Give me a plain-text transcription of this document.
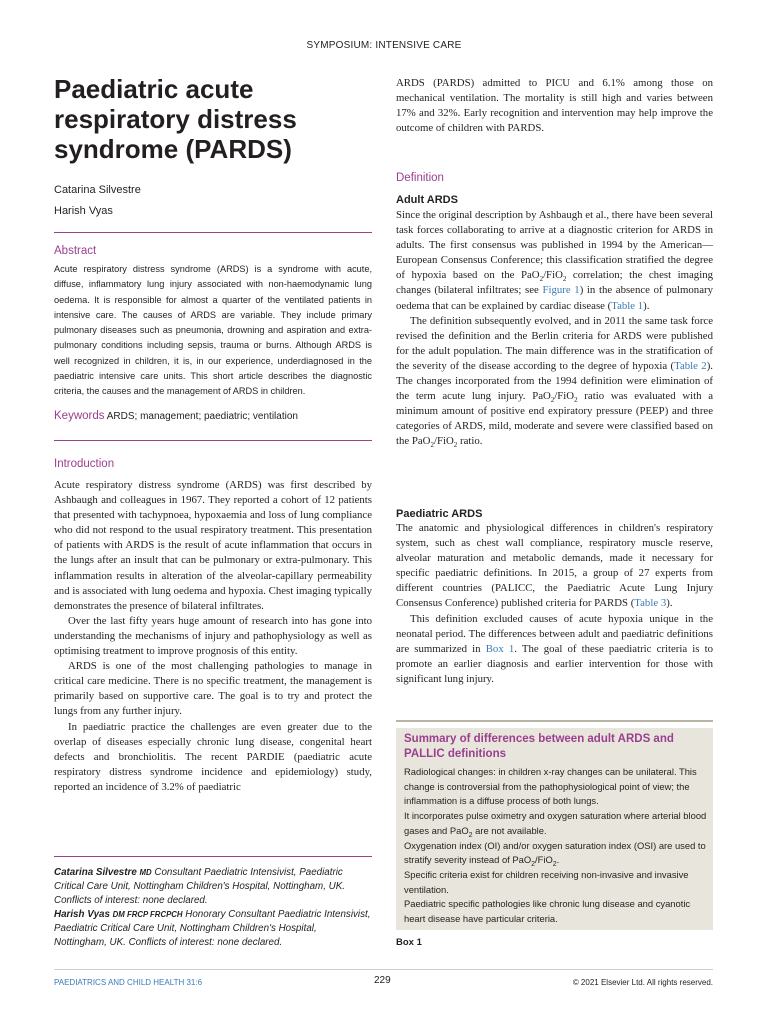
SYMPOSIUM: INTENSIVE CARE
Paediatric acute respiratory distress syndrome (PARDS)
Catarina Silvestre
Harish Vyas
Abstract
Acute respiratory distress syndrome (ARDS) is a syndrome with acute, diffuse, inflammatory lung injury associated with non-haemodynamic lung oedema. It is responsible for almost a quarter of the ventilated patients in intensive care. The causes of ARDS are variable. They include primary pulmonary diseases such as pneumonia, drowning and aspiration and extra-pulmonary conditions including sepsis, trauma or burns. Although ARDS is well recognized in children, it is, in our experience, underdiagnosed in the paediatric intensive care units. This short article describes the diagnostic criteria, the causes and the management of ARDS in children.
Keywords ARDS; management; paediatric; ventilation
Introduction

Acute respiratory distress syndrome (ARDS) was first described by Ashbaugh and colleagues in 1967. They reported a cohort of 12 patients that presented with tachypnoea, hypoxaemia and loss of lung compliance who did not respond to the usual respiratory treatment. This presentation of patients with ARDS is the result of acute inflammation that occurs in the lungs after an insult that can be pulmonary or extra-pulmonary. This inflammation results in alteration of the alveolar-capillary permeability and is associated with lung oedema and hypoxia. Chest imaging typically demonstrates the presence of bilateral infiltrates.

Over the last fifty years huge amount of research into has gone into understanding the mechanisms of injury and pathophysiology as well as optimising treatment to improve prognosis of this entity.

ARDS is one of the most challenging pathologies to manage in critical care medicine. There is no specific treatment, the management is primarily based on supportive care. The goal is to try and protect the lungs from any further injury.

In paediatric practice the challenges are even greater due to the overlap of diseases especially chronic lung disease, congenital heart defects and bronchiolitis. The recent PARDIE (paediatric acute respiratory distress syndrome incidence and epidemiology) study, reported an incidence of 3.2% of paediatric

Catarina Silvestre MD Consultant Paediatric Intensivist, Paediatric Critical Care Unit, Nottingham Children's Hospital, Nottingham, UK. Conflicts of interest: none declared.
Harish Vyas DM FRCP FRCPCH Honorary Consultant Paediatric Intensivist, Paediatric Critical Care Unit, Nottingham Children's Hospital, Nottingham, UK. Conflicts of interest: none declared.

ARDS (PARDS) admitted to PICU and 6.1% among those on mechanical ventilation. The mortality is still high and varies between 17% and 32%. Early recognition and intervention may help improve the outcome of children with PARDS.

Definition
Adult ARDS

Since the original description by Ashbaugh et al., there have been several task forces collaborating to arrive at a diagnostic criterion for ARDS in adults. The first consensus was published in 1994 by the American—European Consensus Conference; this classification stratified the degree of hypoxia based on the PaO$_2$/FiO$_2$ correlation; the chest imaging changes (bilateral infiltrates; see Figure 1) in the absence of pulmonary oedema that can be explained by cardiac disease (Table 1).

The definition subsequently evolved, and in 2011 the same task force revised the definition and the Berlin criteria for ARDS were published for the adult population. The main difference was in the stratification of the severity of the disease according to the degree of hypoxia (Table 2). The changes incorporated from the 1994 definition were elimination of the term acute lung injury. PaO$_2$/FiO$_2$ ratio was evaluated with a minimum amount of positive end expiratory pressure (PEEP) and three categories of ARDS, mild, moderate and severe were classified based on the PaO$_2$/FiO$_2$ ratio.

Paediatric ARDS

The anatomic and physiological differences in children's respiratory system, such as chest wall compliance, respiratory muscle reserve, alveolar maturation and metabolic demands, made it necessary for specific paediatric definitions. In 2015, a group of 27 experts from different countries (PALICC, the Paediatric Acute Lung Injury Consensus Conference) published criteria for PARDS (Table 3).

This definition excluded causes of acute hypoxia unique in the neonatal period. The differences between adult and paediatric definitions are summarized in Box 1. The goal of these paediatric criteria is to promote an earlier diagnosis and earlier intervention for those with significant lung injury.

Summary of differences between adult ARDS and PALLIC definitions

Radiological changes: in children x-ray changes can be unilateral. This change is controversial from the pathophysiological point of view; the inflammation is a diffuse process of both lungs.

It incorporates pulse oximetry and oxygen saturation where arterial blood gases and PaO$_2$ are not available.

Oxygenation index (OI) and/or oxygen saturation index (OSI) are used to stratify severity instead of PaO$_2$/FiO$_2$.

Specific criteria exist for children receiving non-invasive and invasive ventilation.

Paediatric specific pathologies like chronic lung disease and cyanotic heart disease have particular criteria.

Box 1
PAEDIATRICS AND CHILD HEALTH 31:6	229	© 2021 Elsevier Ltd. All rights reserved.
